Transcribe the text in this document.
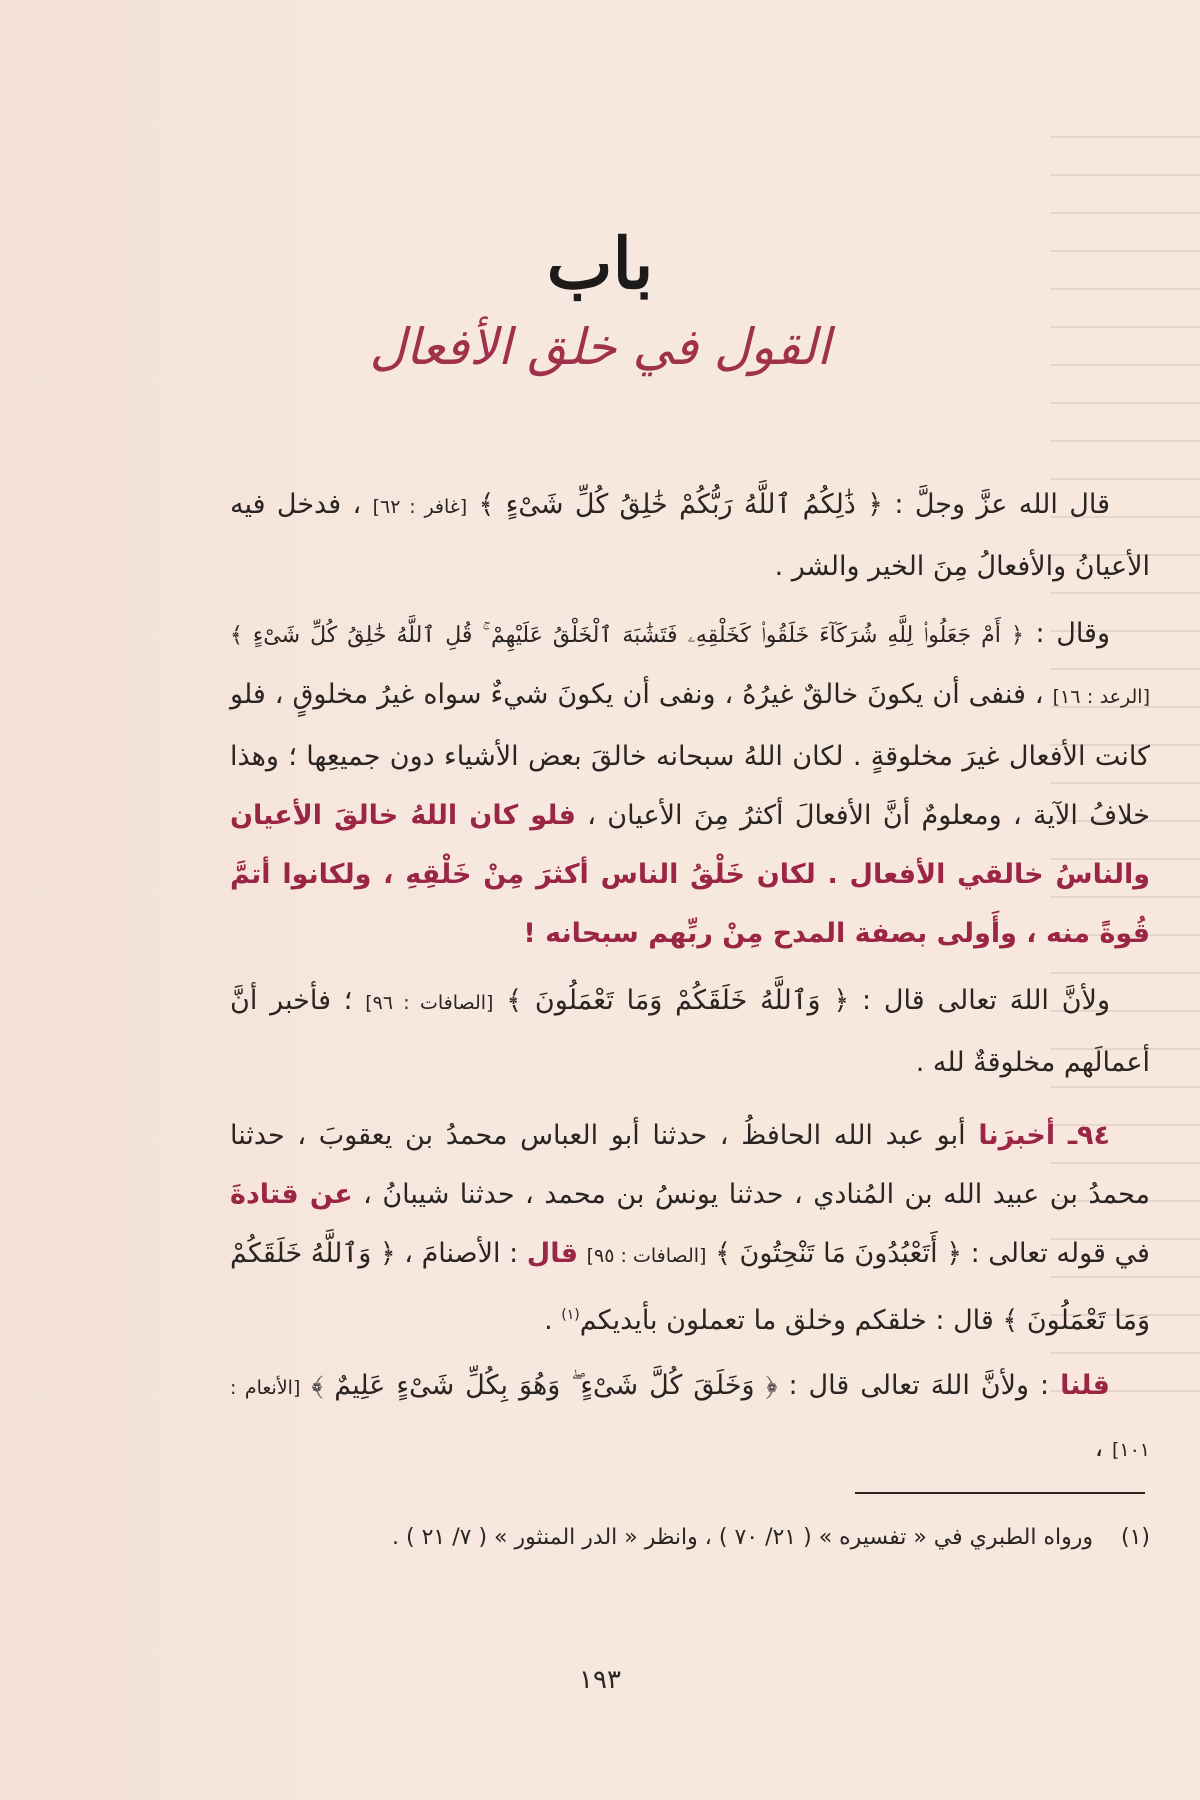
باب
القول في خلق الأفعال

قال الله عزَّ وجلَّ : ﴿ ذَٰلِكُمُ ٱللَّهُ رَبُّكُمْ خَٰلِقُ كُلِّ شَىْءٍ ﴾ [غافر : ٦٢] ، فدخل فيه الأعيانُ والأفعالُ مِنَ الخير والشر .

وقال : ﴿ أَمْ جَعَلُوا۟ لِلَّهِ شُرَكَآءَ خَلَقُوا۟ كَخَلْقِهِۦ فَتَشَٰبَهَ ٱلْخَلْقُ عَلَيْهِمْ ۚ قُلِ ٱللَّهُ خَٰلِقُ كُلِّ شَىْءٍ ﴾ [الرعد : ١٦] ، فنفى أن يكونَ خالقٌ غيرُهُ ، ونفى أن يكونَ شيءٌ سواه غيرُ مخلوقٍ ، فلو كانت الأفعال غيرَ مخلوقةٍ . لكان اللهُ سبحانه خالقَ بعض الأشياء دون جميعِها ؛ وهذا خلافُ الآية ، ومعلومٌ أنَّ الأفعالَ أكثرُ مِنَ الأعيان ، فلو كان اللهُ خالقَ الأعيان والناسُ خالقي الأفعال . لكان خَلْقُ الناس أكثرَ مِنْ خَلْقِهِ ، ولكانوا أتمَّ قُوةً منه ، وأَولى بصفة المدح مِنْ ربِّهم سبحانه !

ولأنَّ اللهَ تعالى قال : ﴿ وَٱللَّهُ خَلَقَكُمْ وَمَا تَعْمَلُونَ ﴾ [الصافات : ٩٦] ؛ فأخبر أنَّ أعمالَهم مخلوقةٌ لله .

٩٤ـ أخبرَنا أبو عبد الله الحافظُ ، حدثنا أبو العباس محمدُ بن يعقوبَ ، حدثنا محمدُ بن عبيد الله بن المُنادي ، حدثنا يونسُ بن محمد ، حدثنا شيبانُ ، عن قتادةَ في قوله تعالى : ﴿ أَتَعْبُدُونَ مَا تَنْحِتُونَ ﴾ [الصافات : ٩٥] قال : الأصنامَ ، ﴿ وَٱللَّهُ خَلَقَكُمْ وَمَا تَعْمَلُونَ ﴾ قال : خلقكم وخلق ما تعملون بأيديكم$^{(١)}$ .

قلنا : ولأنَّ اللهَ تعالى قال : ﴿ وَخَلَقَ كُلَّ شَىْءٍ ۖ وَهُوَ بِكُلِّ شَىْءٍ عَلِيمٌ ﴾ [الأنعام : ١٠١] ،

(١)    ورواه الطبري في « تفسيره » ( ٢١/ ٧٠ ) ، وانظر « الدر المنثور » ( ٧/ ٢١ ) .
١٩٣
